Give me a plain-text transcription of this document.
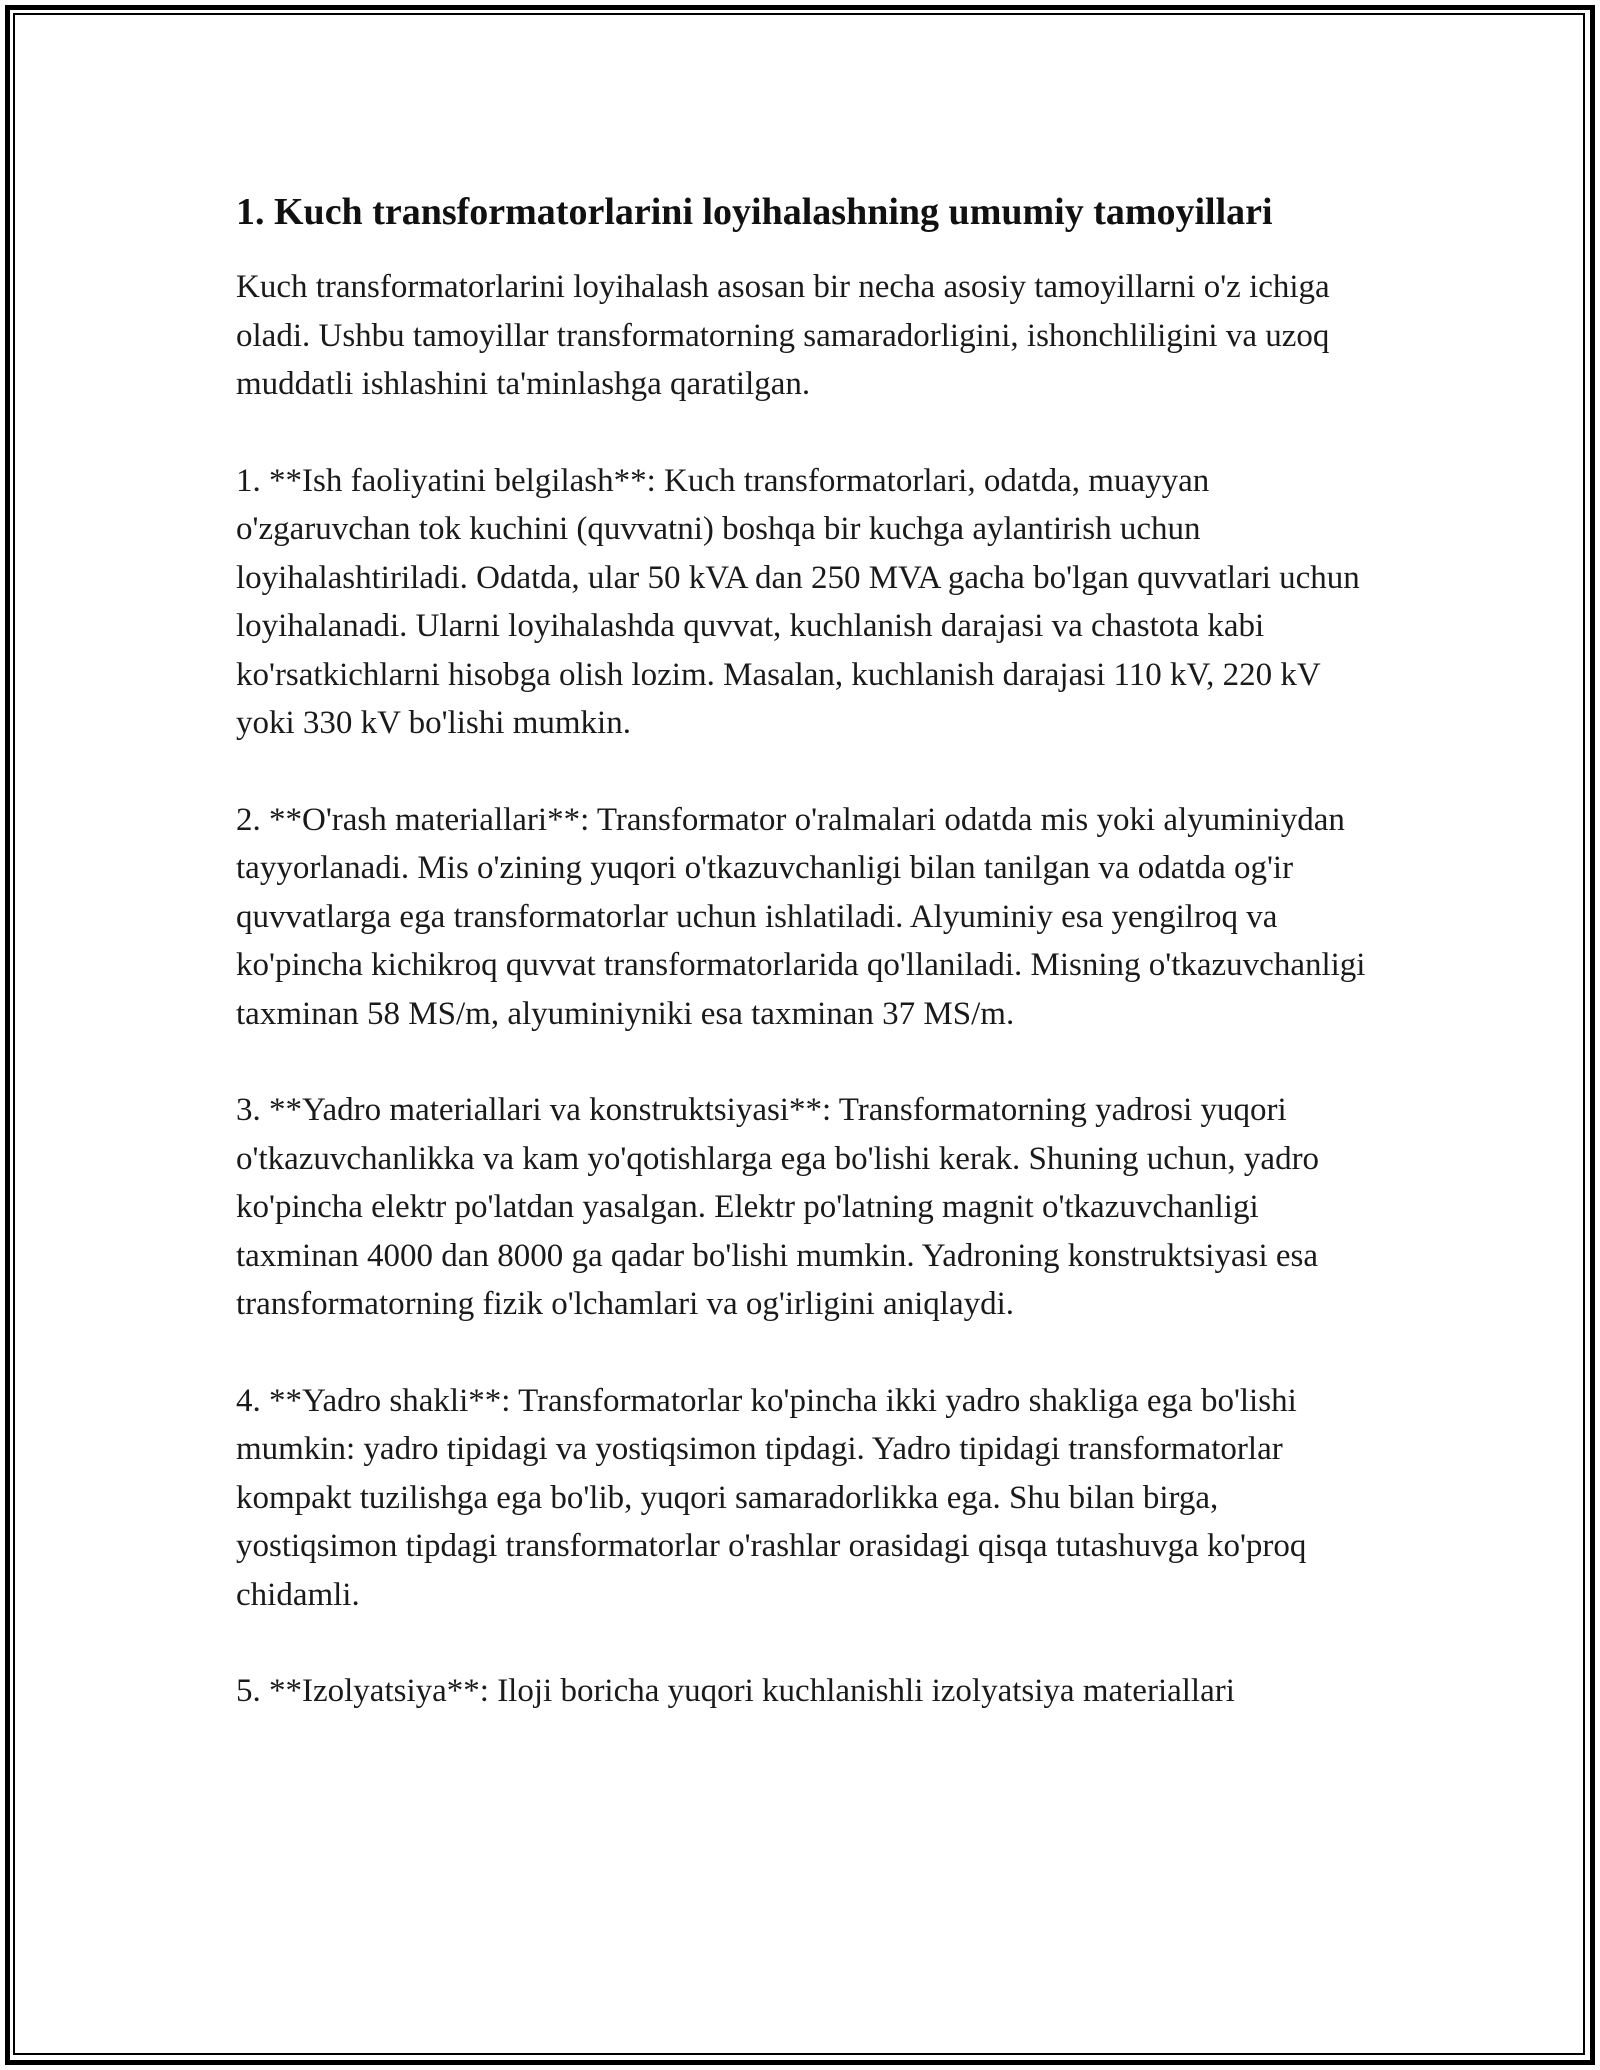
1. Kuch transformatorlarini loyihalashning umumiy tamoyillari

Kuch transformatorlarini loyihalash asosan bir necha asosiy tamoyillarni o'z ichiga oladi. Ushbu tamoyillar transformatorning samaradorligini, ishonchliligini va uzoq muddatli ishlashini ta'minlashga qaratilgan.

1. **Ish faoliyatini belgilash**: Kuch transformatorlari, odatda, muayyan o'zgaruvchan tok kuchini (quvvatni) boshqa bir kuchga aylantirish uchun loyihalashtiriladi. Odatda, ular 50 kVA dan 250 MVA gacha bo'lgan quvvatlari uchun loyihalanadi. Ularni loyihalashda quvvat, kuchlanish darajasi va chastota kabi ko'rsatkichlarni hisobga olish lozim. Masalan, kuchlanish darajasi 110 kV, 220 kV yoki 330 kV bo'lishi mumkin.

2. **O'rash materiallari**: Transformator o'ralmalari odatda mis yoki alyuminiydan tayyorlanadi. Mis o'zining yuqori o'tkazuvchanligi bilan tanilgan va odatda og'ir quvvatlarga ega transformatorlar uchun ishlatiladi. Alyuminiy esa yengilroq va ko'pincha kichikroq quvvat transformatorlarida qo'llaniladi. Misning o'tkazuvchanligi taxminan 58 MS/m, alyuminiyniki esa taxminan 37 MS/m.

3. **Yadro materiallari va konstruktsiyasi**: Transformatorning yadrosi yuqori o'tkazuvchanlikka va kam yo'qotishlarga ega bo'lishi kerak. Shuning uchun, yadro ko'pincha elektr po'latdan yasalgan. Elektr po'latning magnit o'tkazuvchanligi taxminan 4000 dan 8000 ga qadar bo'lishi mumkin. Yadroning konstruktsiyasi esa transformatorning fizik o'lchamlari va og'irligini aniqlaydi.

4. **Yadro shakli**: Transformatorlar ko'pincha ikki yadro shakliga ega bo'lishi mumkin: yadro tipidagi va yostiqsimon tipdagi. Yadro tipidagi transformatorlar kompakt tuzilishga ega bo'lib, yuqori samaradorlikka ega. Shu bilan birga, yostiqsimon tipdagi transformatorlar o'rashlar orasidagi qisqa tutashuvga ko'proq chidamli.

5. **Izolyatsiya**: Iloji boricha yuqori kuchlanishli izolyatsiya materiallari
